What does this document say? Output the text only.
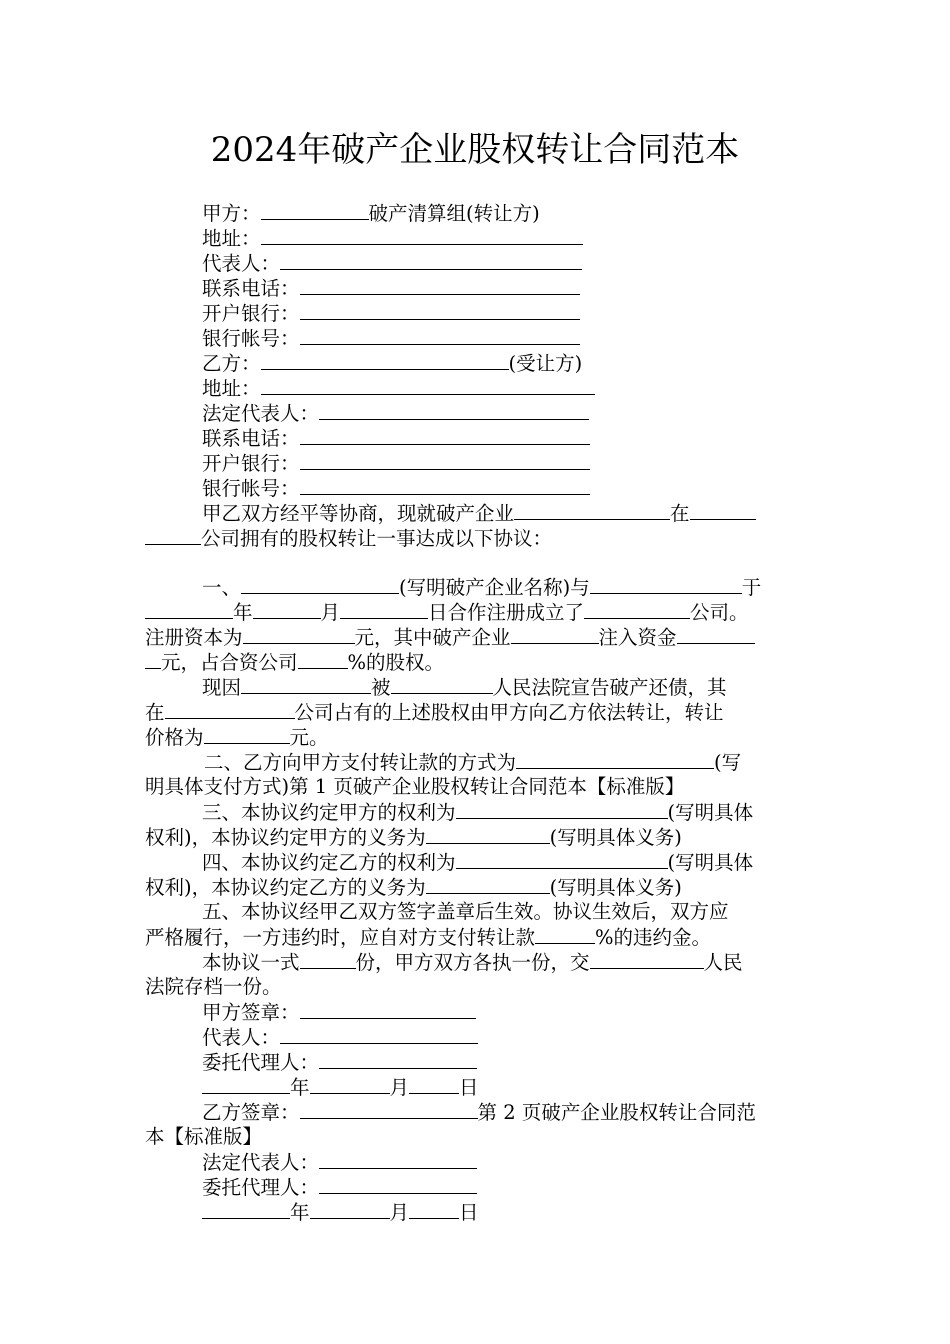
2024年破产企业股权转让合同范本
甲方：	破产清算组(转让方)
地址：
代表人：
联系电话：
开户银行：
银行帐号：
乙方：	(受让方)
地址：
法定代表人：
联系电话：
开户银行：
银行帐号：
甲乙双方经平等协商，现就破产企业	在
公司拥有的股权转让一事达成以下协议：
一、	(写明破产企业名称)与	于
年	月	日合作注册成立了	公司。
注册资本为	元，其中破产企业	注入资金
元，占合资公司	%的股权。
现因	被	人民法院宣告破产还债，其
在	公司占有的上述股权由甲方向乙方依法转让，转让
价格为	元。
二、乙方向甲方支付转让款的方式为	(写
明具体支付方式)第 1 页破产企业股权转让合同范本【标准版】
三、本协议约定甲方的权利为	(写明具体
权利)，本协议约定甲方的义务为	(写明具体义务)
四、本协议约定乙方的权利为	(写明具体
权利)，本协议约定乙方的义务为	(写明具体义务)
五、本协议经甲乙双方签字盖章后生效。协议生效后，双方应
严格履行，一方违约时，应自对方支付转让款	%的违约金。
本协议一式	份，甲方双方各执一份，交	人民
法院存档一份。
甲方签章：
代表人：
委托代理人：
年	月	日
乙方签章：	第 2 页破产企业股权转让合同范
本【标准版】
法定代表人：
委托代理人：
年	月	日
